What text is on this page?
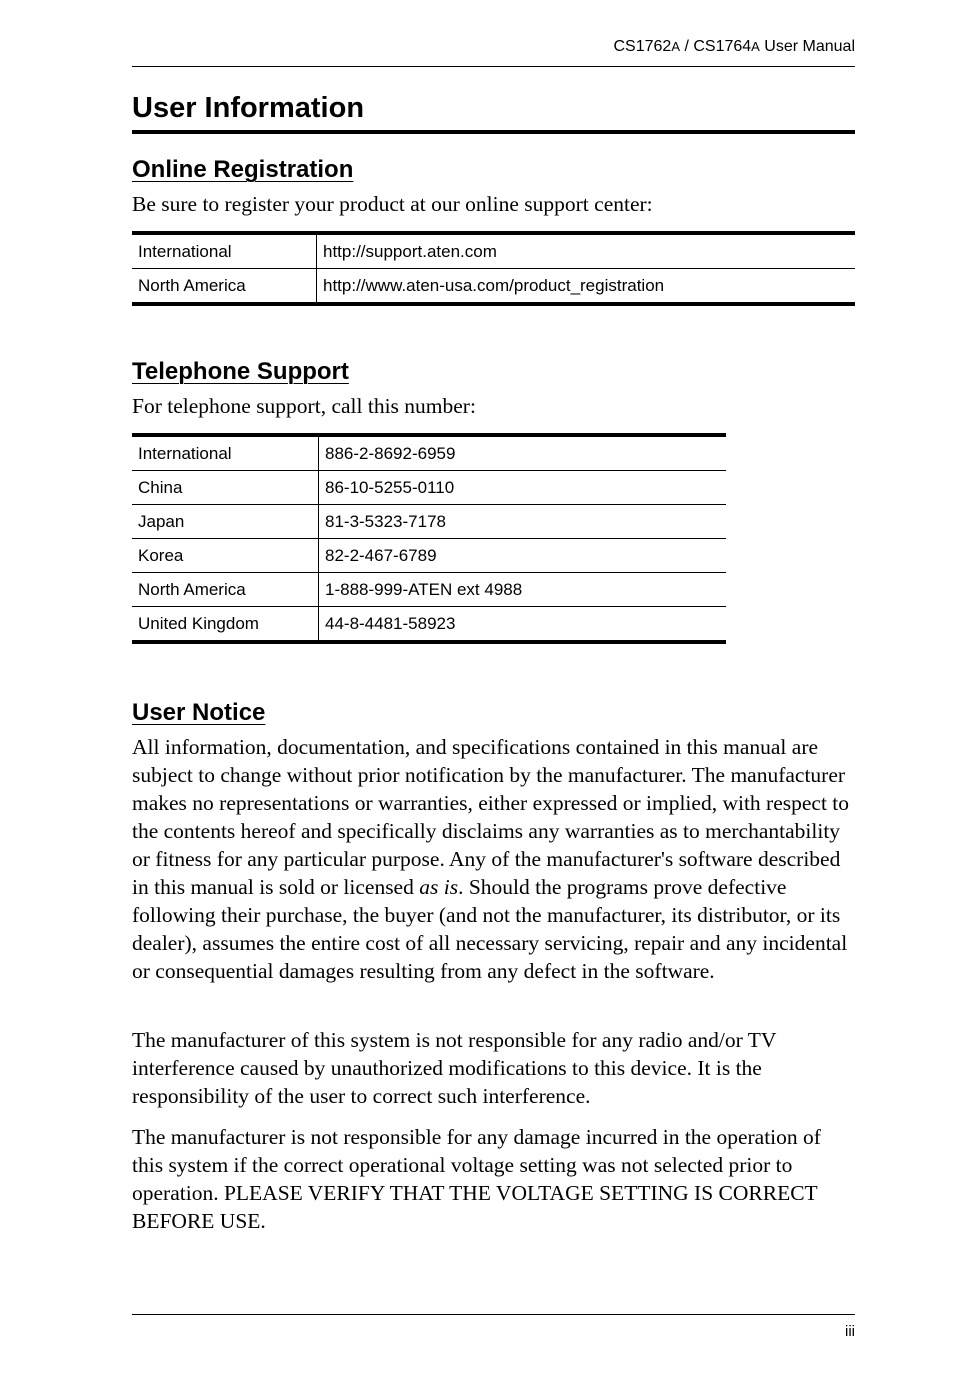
CS1762A / CS1764A User Manual
User Information
Online Registration

Be sure to register your product at our online support center:

International	http://support.aten.com
North America	http://www.aten-usa.com/product_registration
Telephone Support

For telephone support, call this number:

International	886-2-8692-6959
China	86-10-5255-0110
Japan	81-3-5323-7178
Korea	82-2-467-6789
North America	1-888-999-ATEN ext 4988
United Kingdom	44-8-4481-58923
User Notice

All information, documentation, and specifications contained in this manual are subject to change without prior notification by the manufacturer. The manufacturer makes no representations or warranties, either expressed or implied, with respect to the contents hereof and specifically disclaims any warranties as to merchantability or fitness for any particular purpose. Any of the manufacturer's software described in this manual is sold or licensed as is. Should the programs prove defective following their purchase, the buyer (and not the manufacturer, its distributor, or its dealer), assumes the entire cost of all necessary servicing, repair and any incidental or consequential damages resulting from any defect in the software.

The manufacturer of this system is not responsible for any radio and/or TV interference caused by unauthorized modifications to this device. It is the responsibility of the user to correct such interference.

The manufacturer is not responsible for any damage incurred in the operation of this system if the correct operational voltage setting was not selected prior to operation. PLEASE VERIFY THAT THE VOLTAGE SETTING IS CORRECT BEFORE USE.

iii
